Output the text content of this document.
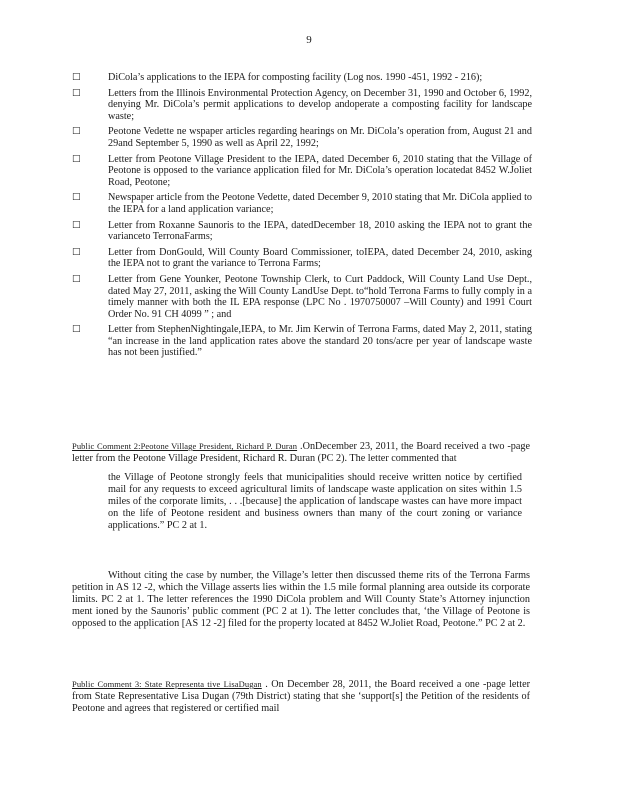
9
□	DiCola’s applications to the IEPA for composting facility (Log nos. 1990 -451, 1992 - 216);
□	Letters from the Illinois Environmental Protection Agency, on December 31, 1990 and October 6, 1992, denying Mr. DiCola’s permit applications to develop andoperate a composting facility for landscape waste;
□	Peotone Vedette ne wspaper articles regarding hearings on Mr. DiCola’s operation from, August 21 and 29and September 5, 1990 as well as April 22, 1992;
□	Letter from Peotone Village President to the IEPA, dated December 6, 2010 stating that the Village of Peotone is opposed to the variance application filed for Mr. DiCola’s operation locatedat 8452 W.Joliet Road, Peotone;
□	Newspaper article from the Peotone Vedette, dated December 9, 2010 stating that Mr. DiCola applied to the IEPA for a land application variance;
□	Letter from Roxanne Saunoris to the IEPA, datedDecember 18, 2010 asking the IEPA not to grant the varianceto TerronaFarms;
□	Letter from DonGould, Will County Board Commissioner, toIEPA, dated December 24, 2010, asking the IEPA not to grant the variance to Terrona Farms;
□	Letter from Gene Younker, Peotone Township Clerk, to Curt Paddock, Will County Land Use Dept., dated May 27, 2011, asking the Will County LandUse Dept. to“hold Terrona Farms to fully comply in a timely manner with both the IL EPA response (LPC No . 1970750007 –Will County) and 1991 Court Order No. 91 CH 4099 ” ; and
□	Letter from StephenNightingale,IEPA, to Mr. Jim Kerwin of Terrona Farms, dated May 2, 2011, stating “an increase in the land application rates above the standard 20 tons/acre per year of landscape waste has not been justified.”

Public Comment 2:Peotone Village President, Richard P. Duran .OnDecember 23, 2011, the Board received a two -page letter from the Peotone Village President, Richard R. Duran (PC 2). The letter commented that

the Village of Peotone strongly feels that municipalities should receive written notice by certified mail for any requests to exceed agricultural limits of landscape waste application on sites within 1.5 miles of the corporate limits, . . .[because] the application of landscape wastes can have more impact on the life of Peotone resident and business owners than many of the court zoning or variance applications.” PC 2 at 1.

Without citing the case by number, the Village’s letter then discussed theme rits of the Terrona Farms petition in AS 12 -2, which the Village asserts lies within the 1.5 mile formal planning area outside its corporate limits. PC 2 at 1. The letter references the 1990 DiCola problem and Will County State’s Attorney injunction ment ioned by the Saunoris’ public comment (PC 2 at 1). The letter concludes that, ‘the Village of Peotone is opposed to the application [AS 12 -2] filed for the property located at 8452 W.Joliet Road, Peotone.” PC 2 at 2.

Public Comment 3: State Representa tive LisaDugan . On December 28, 2011, the Board received a one -page letter from State Representative Lisa Dugan (79th District) stating that she ‘support[s] the Petition of the residents of Peotone and agrees that registered or certified mail
